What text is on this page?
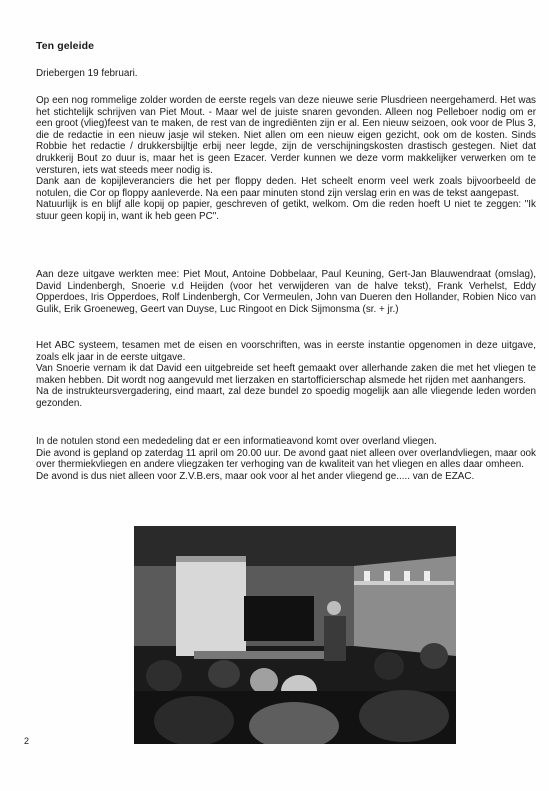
Ten geleide
Driebergen 19 februari.

Op een nog rommelige zolder worden de eerste regels van deze nieuwe serie Plusdrieen neergehamerd. Het was het stichtelijk schrijven van Piet Mout. - Maar wel de juiste snaren gevonden. Alleen nog Pelleboer nodig om er een groot (vlieg)feest van te maken, de rest van de ingrediënten zijn er al. Een nieuw seizoen, ook voor de Plus 3, die de redactie in een nieuw jasje wil steken. Niet allen om een nieuw eigen gezicht, ook om de kosten. Sinds Robbie het redactie / drukkersbijltje erbij neer legde, zijn de verschijningskosten drastisch gestegen. Niet dat drukkerij Bout zo duur is, maar het is geen Ezacer. Verder kunnen we deze vorm makkelijker verwerken om te versturen, iets wat steeds meer nodig is.

Dank aan de kopijleveranciers die het per floppy deden. Het scheelt enorm veel werk zoals bijvoorbeeld de notulen, die Cor op floppy aanleverde. Na een paar minuten stond zijn verslag erin en was de tekst aangepast.

Natuurlijk is en blijf alle kopij op papier, geschreven of getikt, welkom. Om die reden hoeft U niet te zeggen: "Ik stuur geen kopij in, want ik heb geen PC".

Aan deze uitgave werkten mee: Piet Mout, Antoine Dobbelaar, Paul Keuning, Gert-Jan Blauwendraat (omslag), David Lindenbergh, Snoerie v.d Heijden (voor het verwijderen van de halve tekst), Frank Verhelst, Eddy Opperdoes, Iris Opperdoes, Rolf Lindenbergh, Cor Vermeulen, John van Dueren den Hollander, Robien Nico van Gulik, Erik Groeneweg, Geert van Duyse, Luc Ringoot en Dick Sijmonsma (sr. + jr.)

Het ABC systeem, tesamen met de eisen en voorschriften, was in eerste instantie opgenomen in deze uitgave, zoals elk jaar in de eerste uitgave.

Van Snoerie vernam ik dat David een uitgebreide set heeft gemaakt over allerhande zaken die met het vliegen te maken hebben. Dit wordt nog aangevuld met lierzaken en startofficierschap alsmede het rijden met aanhangers.

Na de instrukteursvergadering, eind maart, zal deze bundel zo spoedig mogelijk aan alle vliegende leden worden gezonden.

In de notulen stond een mededeling dat er een informatieavond komt over overland vliegen.

Die avond is gepland op zaterdag 11 april om 20.00 uur. De avond gaat niet alleen over overlandvliegen, maar ook over thermiekvliegen en andere vliegzaken ter verhoging van de kwaliteit van het vliegen en alles daar omheen.

De avond is dus niet alleen voor Z.V.B.ers, maar ook voor al het ander vliegend ge..... van de EZAC.

2
